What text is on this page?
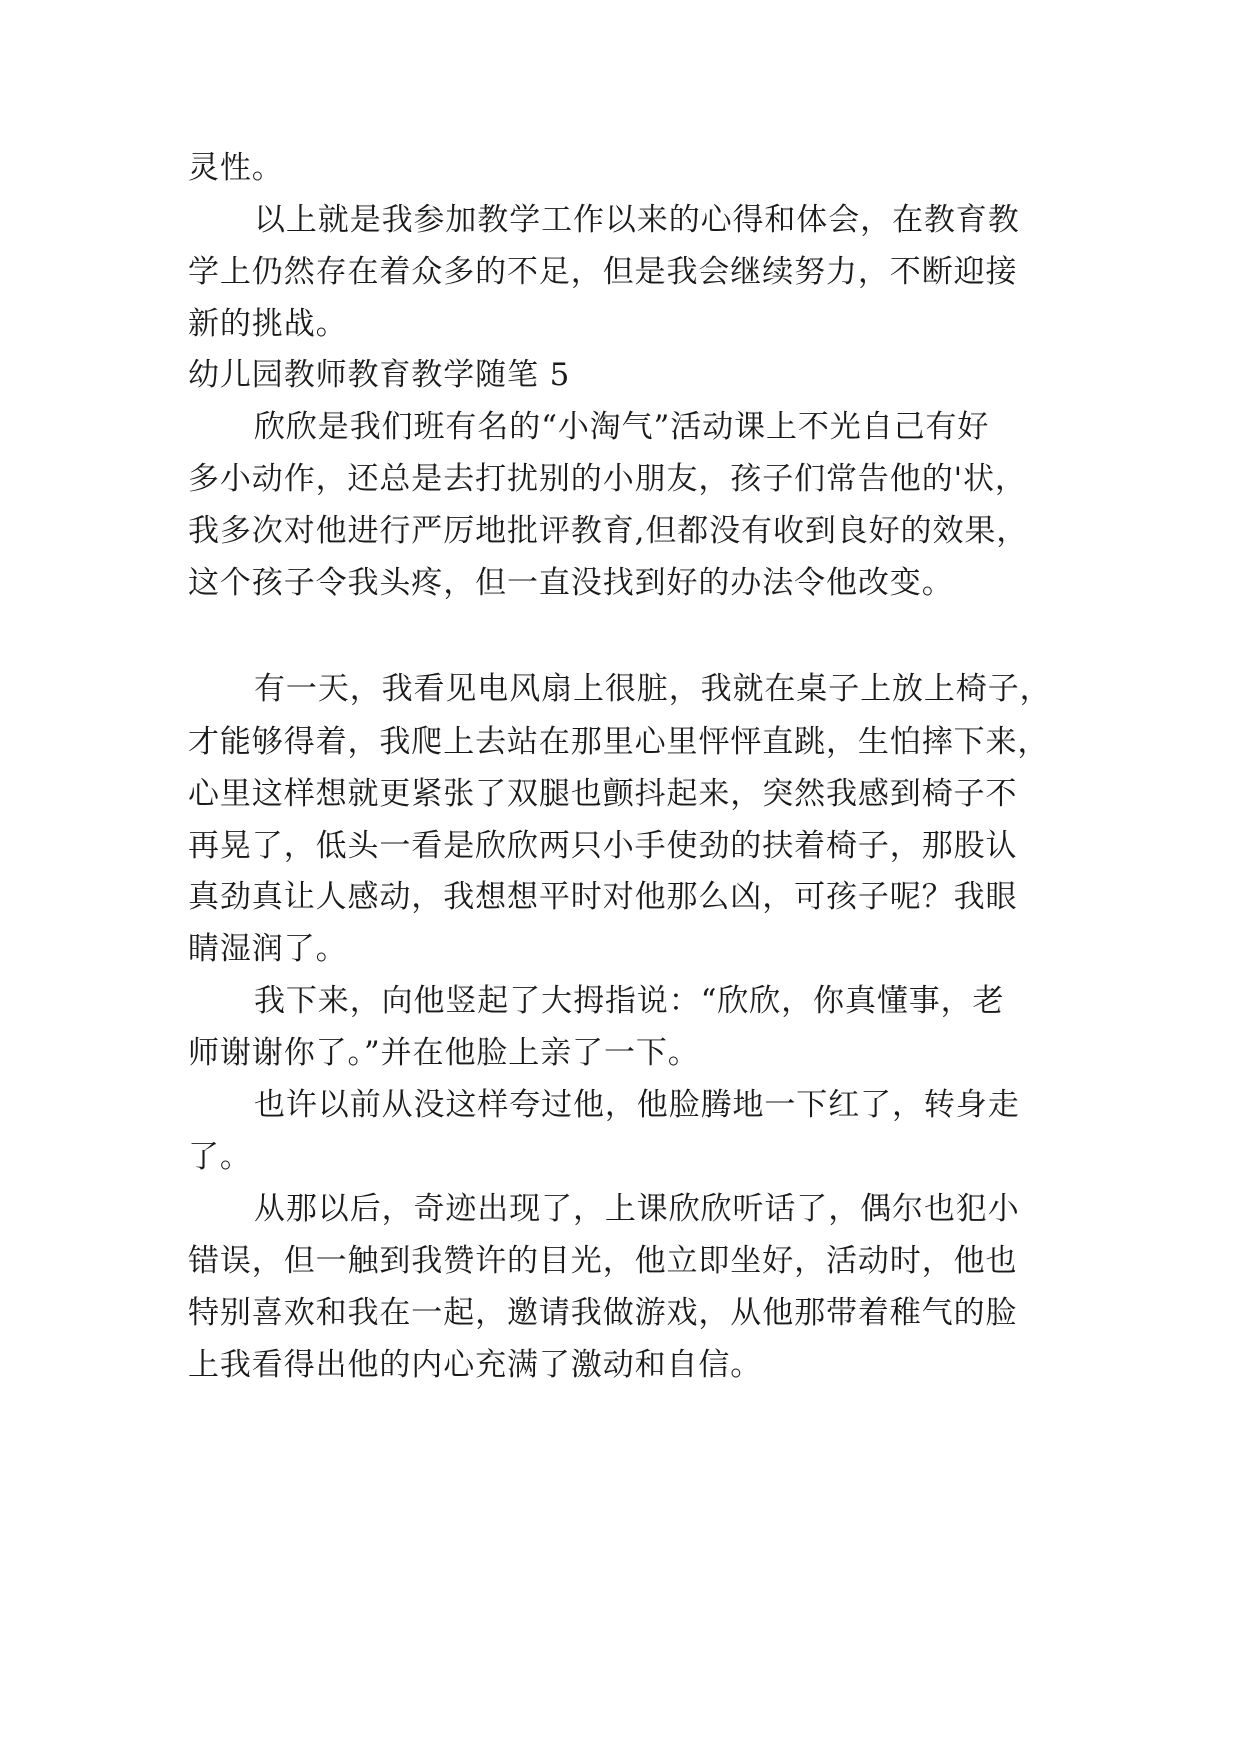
灵性。
以上就是我参加教学工作以来的心得和体会，在教育教
学上仍然存在着众多的不足，但是我会继续努力，不断迎接
新的挑战。
幼儿园教师教育教学随笔 5
欣欣是我们班有名的“小淘气”活动课上不光自己有好
多小动作，还总是去打扰别的小朋友，孩子们常告他的'状，
我多次对他进行严厉地批评教育,但都没有收到良好的效果，
这个孩子令我头疼，但一直没找到好的办法令他改变。
有一天，我看见电风扇上很脏，我就在桌子上放上椅子，
才能够得着，我爬上去站在那里心里怦怦直跳，生怕摔下来，
心里这样想就更紧张了双腿也颤抖起来，突然我感到椅子不
再晃了，低头一看是欣欣两只小手使劲的扶着椅子，那股认
真劲真让人感动，我想想平时对他那么凶，可孩子呢？我眼
睛湿润了。
我下来，向他竖起了大拇指说：“欣欣，你真懂事，老
师谢谢你了。”并在他脸上亲了一下。
也许以前从没这样夸过他，他脸腾地一下红了，转身走
了。
从那以后，奇迹出现了，上课欣欣听话了，偶尔也犯小
错误，但一触到我赞许的目光，他立即坐好，活动时，他也
特别喜欢和我在一起，邀请我做游戏，从他那带着稚气的脸
上我看得出他的内心充满了激动和自信。
